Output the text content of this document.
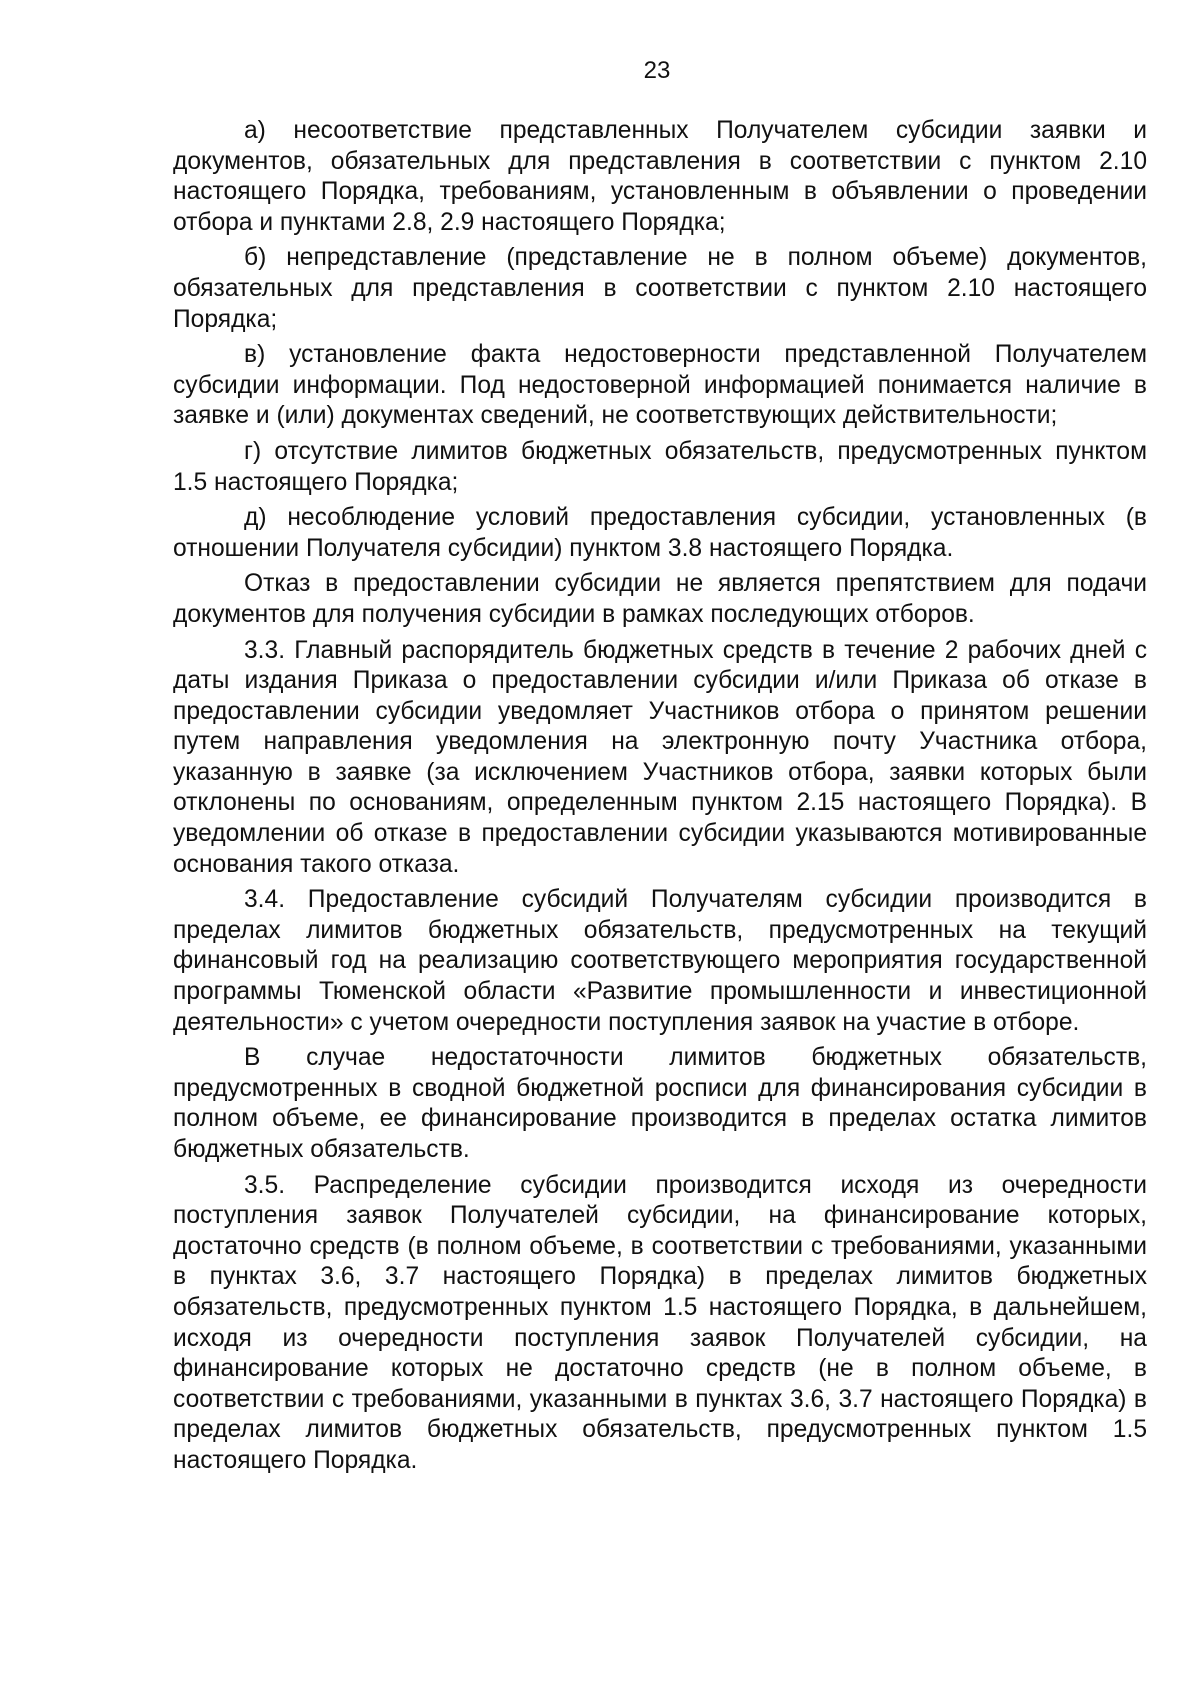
23

а) несоответствие представленных Получателем субсидии заявки и документов, обязательных для представления в соответствии с пунктом 2.10 настоящего Порядка, требованиям, установленным в объявлении о проведении отбора и пунктами 2.8, 2.9 настоящего Порядка;

б) непредставление (представление не в полном объеме) документов, обязательных для представления в соответствии с пунктом 2.10 настоящего Порядка;

в) установление факта недостоверности представленной Получателем субсидии информации. Под недостоверной информацией понимается наличие в заявке и (или) документах сведений, не соответствующих действительности;

г) отсутствие лимитов бюджетных обязательств, предусмотренных пунктом 1.5 настоящего Порядка;

д) несоблюдение условий предоставления субсидии, установленных (в отношении Получателя субсидии) пунктом 3.8 настоящего Порядка.

Отказ в предоставлении субсидии не является препятствием для подачи документов для получения субсидии в рамках последующих отборов.

3.3. Главный распорядитель бюджетных средств в течение 2 рабочих дней с даты издания Приказа о предоставлении субсидии и/или Приказа об отказе в предоставлении субсидии уведомляет Участников отбора о принятом решении путем направления уведомления на электронную почту Участника отбора, указанную в заявке (за исключением Участников отбора, заявки которых были отклонены по основаниям, определенным пунктом 2.15 настоящего Порядка). В уведомлении об отказе в предоставлении субсидии указываются мотивированные основания такого отказа.

3.4. Предоставление субсидий Получателям субсидии производится в пределах лимитов бюджетных обязательств, предусмотренных на текущий финансовый год на реализацию соответствующего мероприятия государственной программы Тюменской области «Развитие промышленности и инвестиционной деятельности» с учетом очередности поступления заявок на участие в отборе.

В случае недостаточности лимитов бюджетных обязательств, предусмотренных в сводной бюджетной росписи для финансирования субсидии в полном объеме, ее финансирование производится в пределах остатка лимитов бюджетных обязательств.

3.5. Распределение субсидии производится исходя из очередности поступления заявок Получателей субсидии, на финансирование которых, достаточно средств (в полном объеме, в соответствии с требованиями, указанными в пунктах 3.6, 3.7 настоящего Порядка) в пределах лимитов бюджетных обязательств, предусмотренных пунктом 1.5 настоящего Порядка, в дальнейшем, исходя из очередности поступления заявок Получателей субсидии, на финансирование которых не достаточно средств (не в полном объеме, в соответствии с требованиями, указанными в пунктах 3.6, 3.7 настоящего Порядка) в пределах лимитов бюджетных обязательств, предусмотренных пунктом 1.5 настоящего Порядка.
